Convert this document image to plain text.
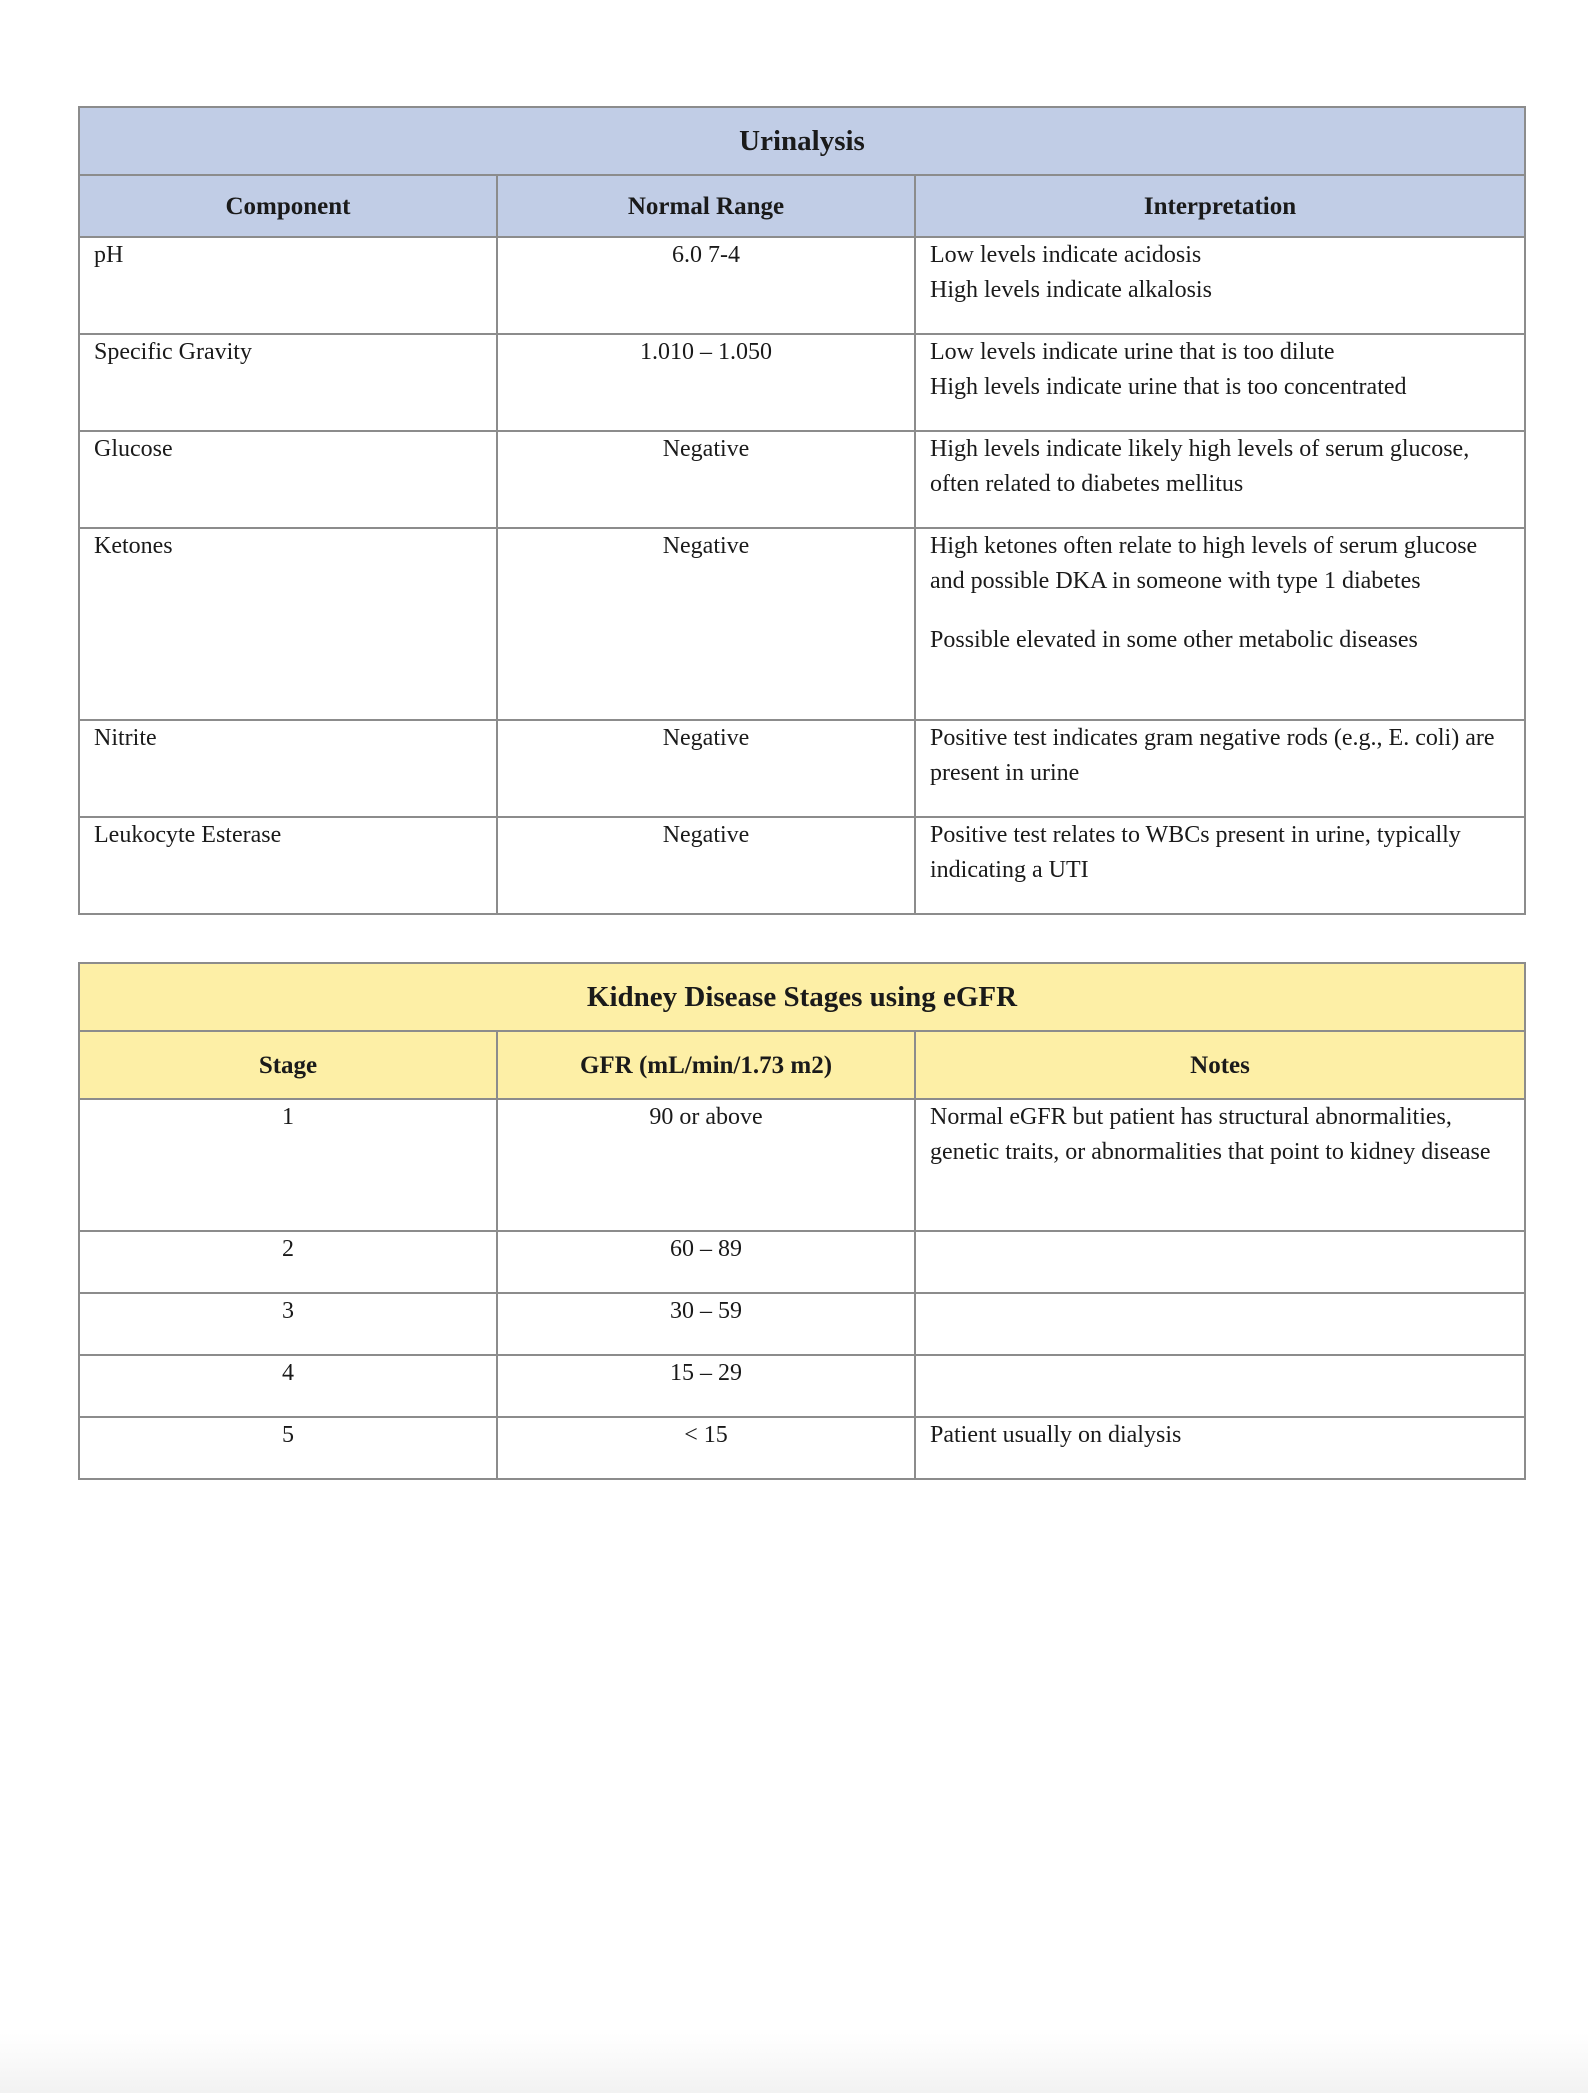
Urinalysis		
Component	Normal Range	Interpretation
pH	6.0 7-4	Low levels indicate acidosis

High levels indicate alkalosis

Specific Gravity	1.010 – 1.050	Low levels indicate urine that is too dilute

High levels indicate urine that is too concentrated

Glucose	Negative	High levels indicate likely high levels of serum glucose, often related to diabetes mellitus

Ketones	Negative	High ketones often relate to high levels of serum glucose and possible DKA in someone with type 1 diabetes

Possible elevated in some other metabolic diseases

Nitrite	Negative	Positive test indicates gram negative rods (e.g., E. coli) are present in urine

Leukocyte Esterase	Negative	Positive test relates to WBCs present in urine, typically indicating a UTI

Kidney Disease Stages using eGFR		
Stage	GFR (mL/min/1.73 m2)	Notes
1	90 or above	Normal eGFR but patient has structural abnormalities, genetic traits, or abnormalities that point to kidney disease
2	60 – 89	
3	30 – 59	
4	15 – 29	
5	< 15	Patient usually on dialysis
